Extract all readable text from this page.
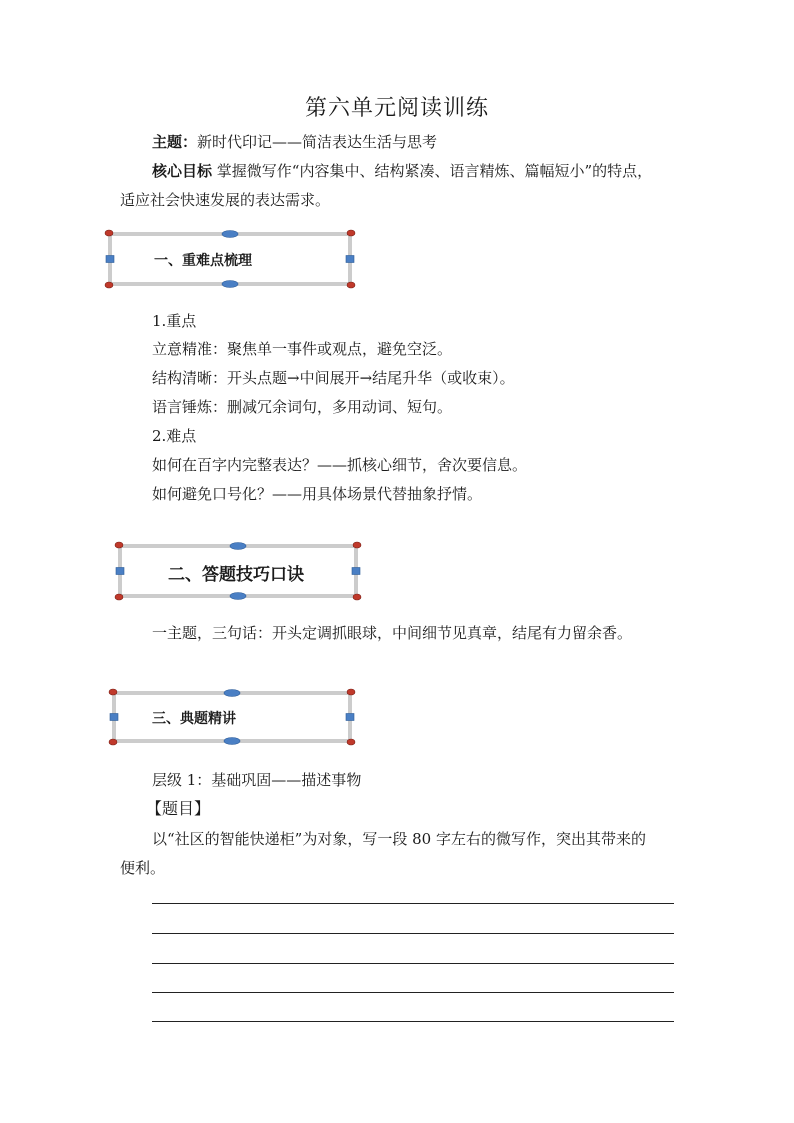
第六单元阅读训练
主题：新时代印记——简洁表达生活与思考
核心目标 掌握微写作“内容集中、结构紧凑、语言精炼、篇幅短小”的特点，
适应社会快速发展的表达需求。
一、重难点梳理
1.重点
立意精准：聚焦单一事件或观点，避免空泛。
结构清晰：开头点题→中间展开→结尾升华（或收束）。
语言锤炼：删减冗余词句，多用动词、短句。
2.难点
如何在百字内完整表达？——抓核心细节，舍次要信息。
如何避免口号化？——用具体场景代替抽象抒情。
二、答题技巧口诀
一主题，三句话：开头定调抓眼球，中间细节见真章，结尾有力留余香。
三、典题精讲
层级 1：基础巩固——描述事物
【题目】
以“社区的智能快递柜”为对象，写一段 80 字左右的微写作，突出其带来的
便利。
